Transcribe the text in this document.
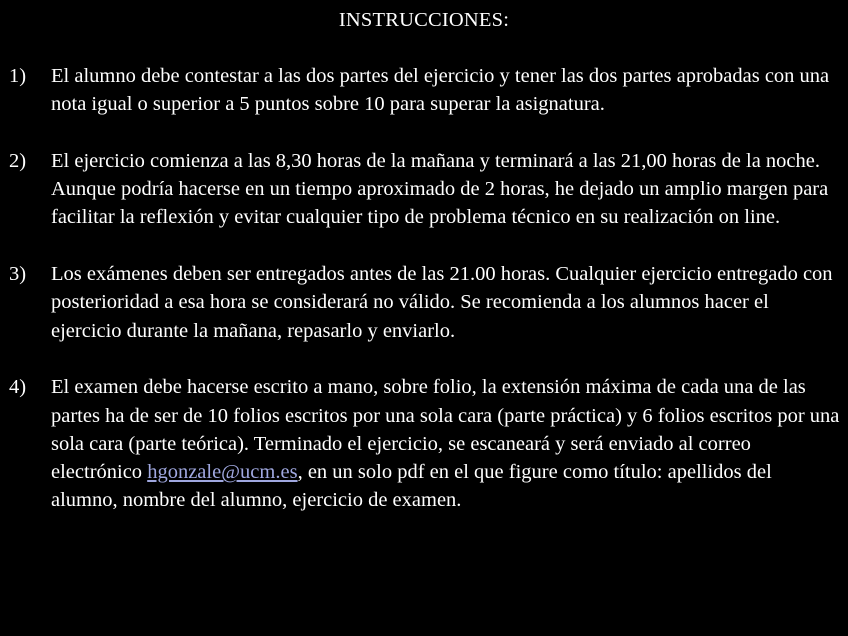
INSTRUCCIONES:
1) El alumno debe contestar a las dos partes del ejercicio y tener las dos partes aprobadas con una nota igual o superior a 5 puntos sobre 10 para superar la asignatura.
2) El ejercicio comienza a las 8,30 horas de la mañana y terminará a las 21,00 horas de la noche. Aunque podría hacerse en un tiempo aproximado de 2 horas, he dejado un amplio margen para facilitar la reflexión y evitar cualquier tipo de problema técnico en su realización on line.
3) Los exámenes deben ser entregados antes de las 21.00 horas. Cualquier ejercicio entregado con posterioridad a esa hora se considerará no válido. Se recomienda a los alumnos hacer el ejercicio durante la mañana, repasarlo y enviarlo.
4) El examen debe hacerse escrito a mano, sobre folio, la extensión máxima de cada una de las partes ha de ser de 10 folios escritos por una sola cara (parte práctica) y 6 folios escritos por una sola cara (parte teórica). Terminado el ejercicio, se escaneará y será enviado al correo electrónico hgonzale@ucm.es, en un solo pdf en el que figure como título: apellidos del alumno, nombre del alumno, ejercicio de examen.
